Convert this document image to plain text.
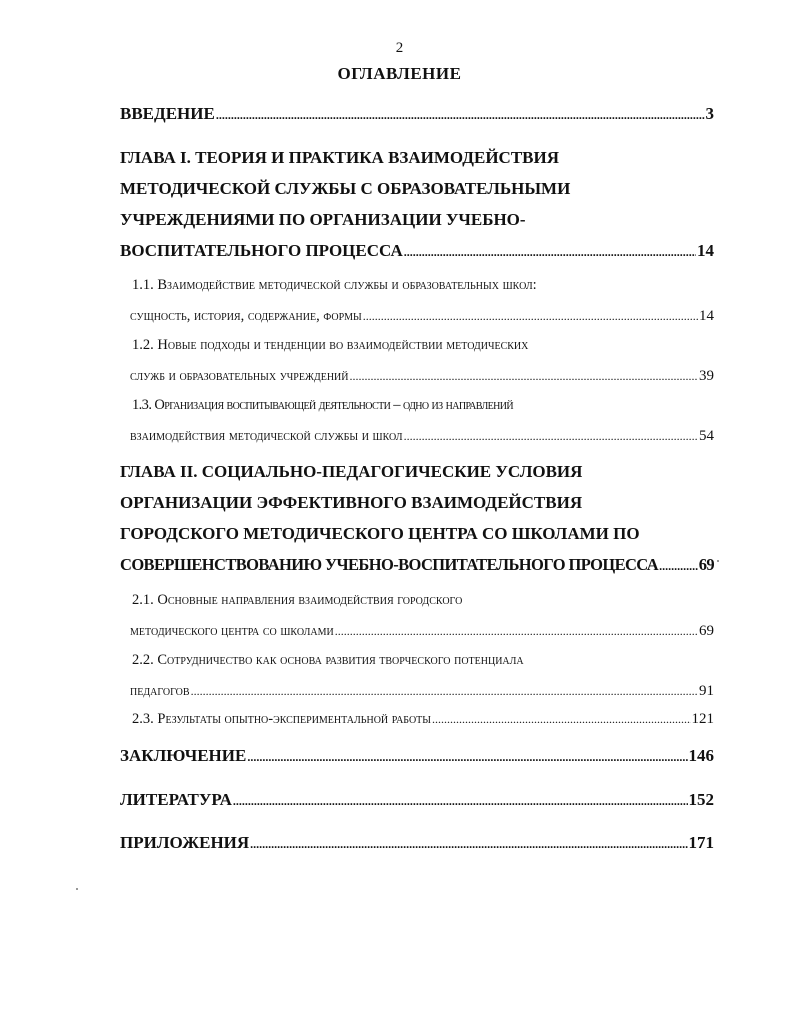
2
ОГЛАВЛЕНИЕ
ВВЕДЕНИЕ .....	3
ГЛАВА I. ТЕОРИЯ И ПРАКТИКА ВЗАИМОДЕЙСТВИЯ
МЕТОДИЧЕСКОЙ СЛУЖБЫ С ОБРАЗОВАТЕЛЬНЫМИ
УЧРЕЖДЕНИЯМИ ПО ОРГАНИЗАЦИИ УЧЕБНО-
ВОСПИТАТЕЛЬНОГО ПРОЦЕССА .....	14
1.1. Взаимодействие методической службы и образовательных школ:
сущность, история, содержание, формы .....	14
1.2. Новые подходы и тенденции во взаимодействии методических
служб и образовательных учреждений .....	39
1.3. Организация воспитывающей деятельности – одно из направлений
взаимодействия методической службы и школ .....	54
ГЛАВА II. СОЦИАЛЬНО-ПЕДАГОГИЧЕСКИЕ УСЛОВИЯ
ОРГАНИЗАЦИИ ЭФФЕКТИВНОГО ВЗАИМОДЕЙСТВИЯ
ГОРОДСКОГО МЕТОДИЧЕСКОГО ЦЕНТРА СО ШКОЛАМИ ПО
СОВЕРШЕНСТВОВАНИЮ УЧЕБНО-ВОСПИТАТЕЛЬНОГО ПРОЦЕССА ..... 69
2.1. Основные направления взаимодействия городского
методического центра со школами .....	69
2.2. Сотрудничество как основа развития творческого потенциала
педагогов .....	91
2.3. Результаты опытно-экспериментальной работы .....	121
ЗАКЛЮЧЕНИЕ .....	146
ЛИТЕРАТУРА .....	152
ПРИЛОЖЕНИЯ .....	171
